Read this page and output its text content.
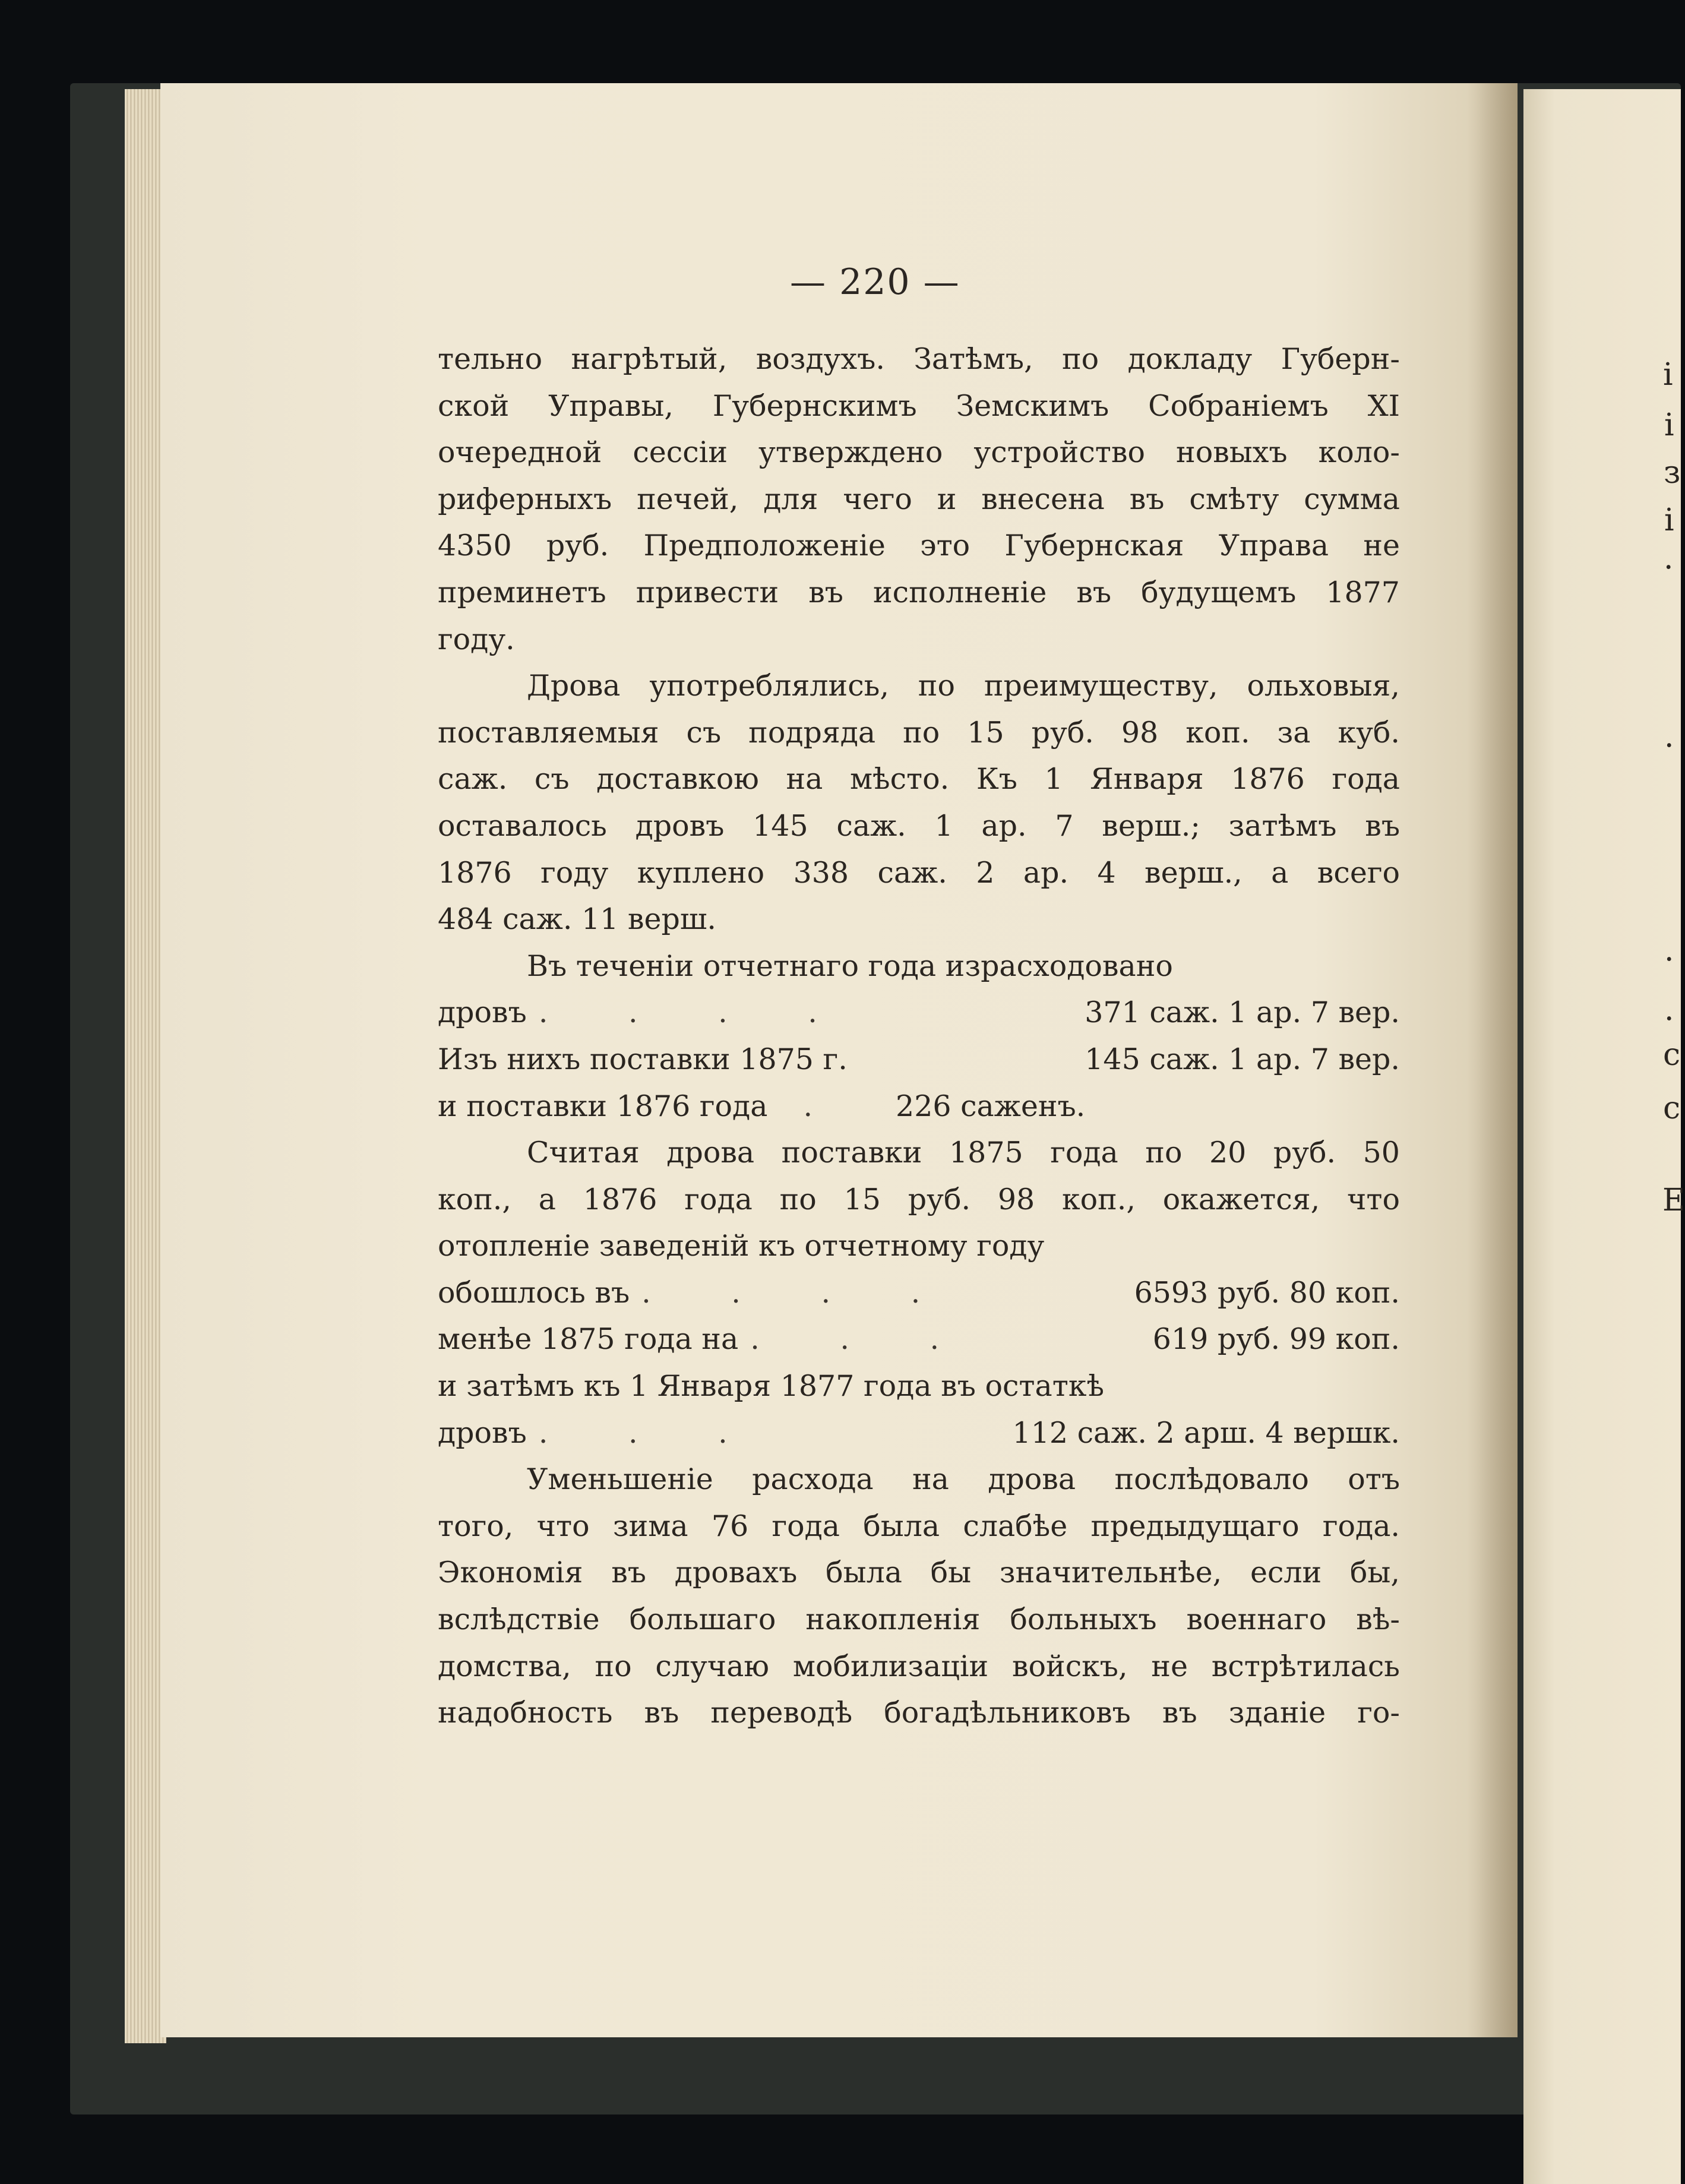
і
і
з
і
·
·
·
·
с
с
Е
— 220 —
тельно нагрѣтый, воздухъ. Затѣмъ, по докладу Губерн-
ской Управы, Губернскимъ Земскимъ Собраніемъ XI
очередной сессіи утверждено устройство новыхъ коло-
риферныхъ печей, для чего и внесена въ смѣту сумма
4350 руб. Предположеніе это Губернская Управа не
преминетъ привести въ исполненіе въ будущемъ 1877
году.
Дрова употреблялись, по преимуществу, ольховыя,
поставляемыя съ подряда по 15 руб. 98 коп. за куб.
саж. съ доставкою на мѣсто. Къ 1 Января 1876 года
оставалось дровъ 145 саж. 1 ар. 7 верш.; затѣмъ въ
1876 году куплено 338 саж. 2 ар. 4 верш., а всего
484 саж. 11 верш.
Въ теченіи отчетнаго года израсходовано
дровъ . . . .	371 саж. 1 ар. 7 вер.
Изъ нихъ поставки 1875 г.	145 саж. 1 ар. 7 вер.
и поставки 1876 года	.	226 саженъ.
Считая дрова поставки 1875 года по 20 руб. 50
коп., а 1876 года по 15 руб. 98 коп., окажется, что
отопленіе заведеній къ отчетному году
обошлось въ . . . .	6593 руб. 80 коп.
менѣе 1875 года на . . .	619 руб. 99 коп.
и затѣмъ къ 1 Января 1877 года въ остаткѣ
дровъ . . .	112 саж. 2 арш. 4 вершк.
Уменьшеніе расхода на дрова послѣдовало отъ
того, что зима 76 года была слабѣе предыдущаго года.
Экономія въ дровахъ была бы значительнѣе, если бы,
вслѣдствіе большаго накопленія больныхъ военнаго вѣ-
домства, по случаю мобилизаціи войскъ, не встрѣтилась
надобность въ переводѣ богадѣльниковъ въ зданіе го-
